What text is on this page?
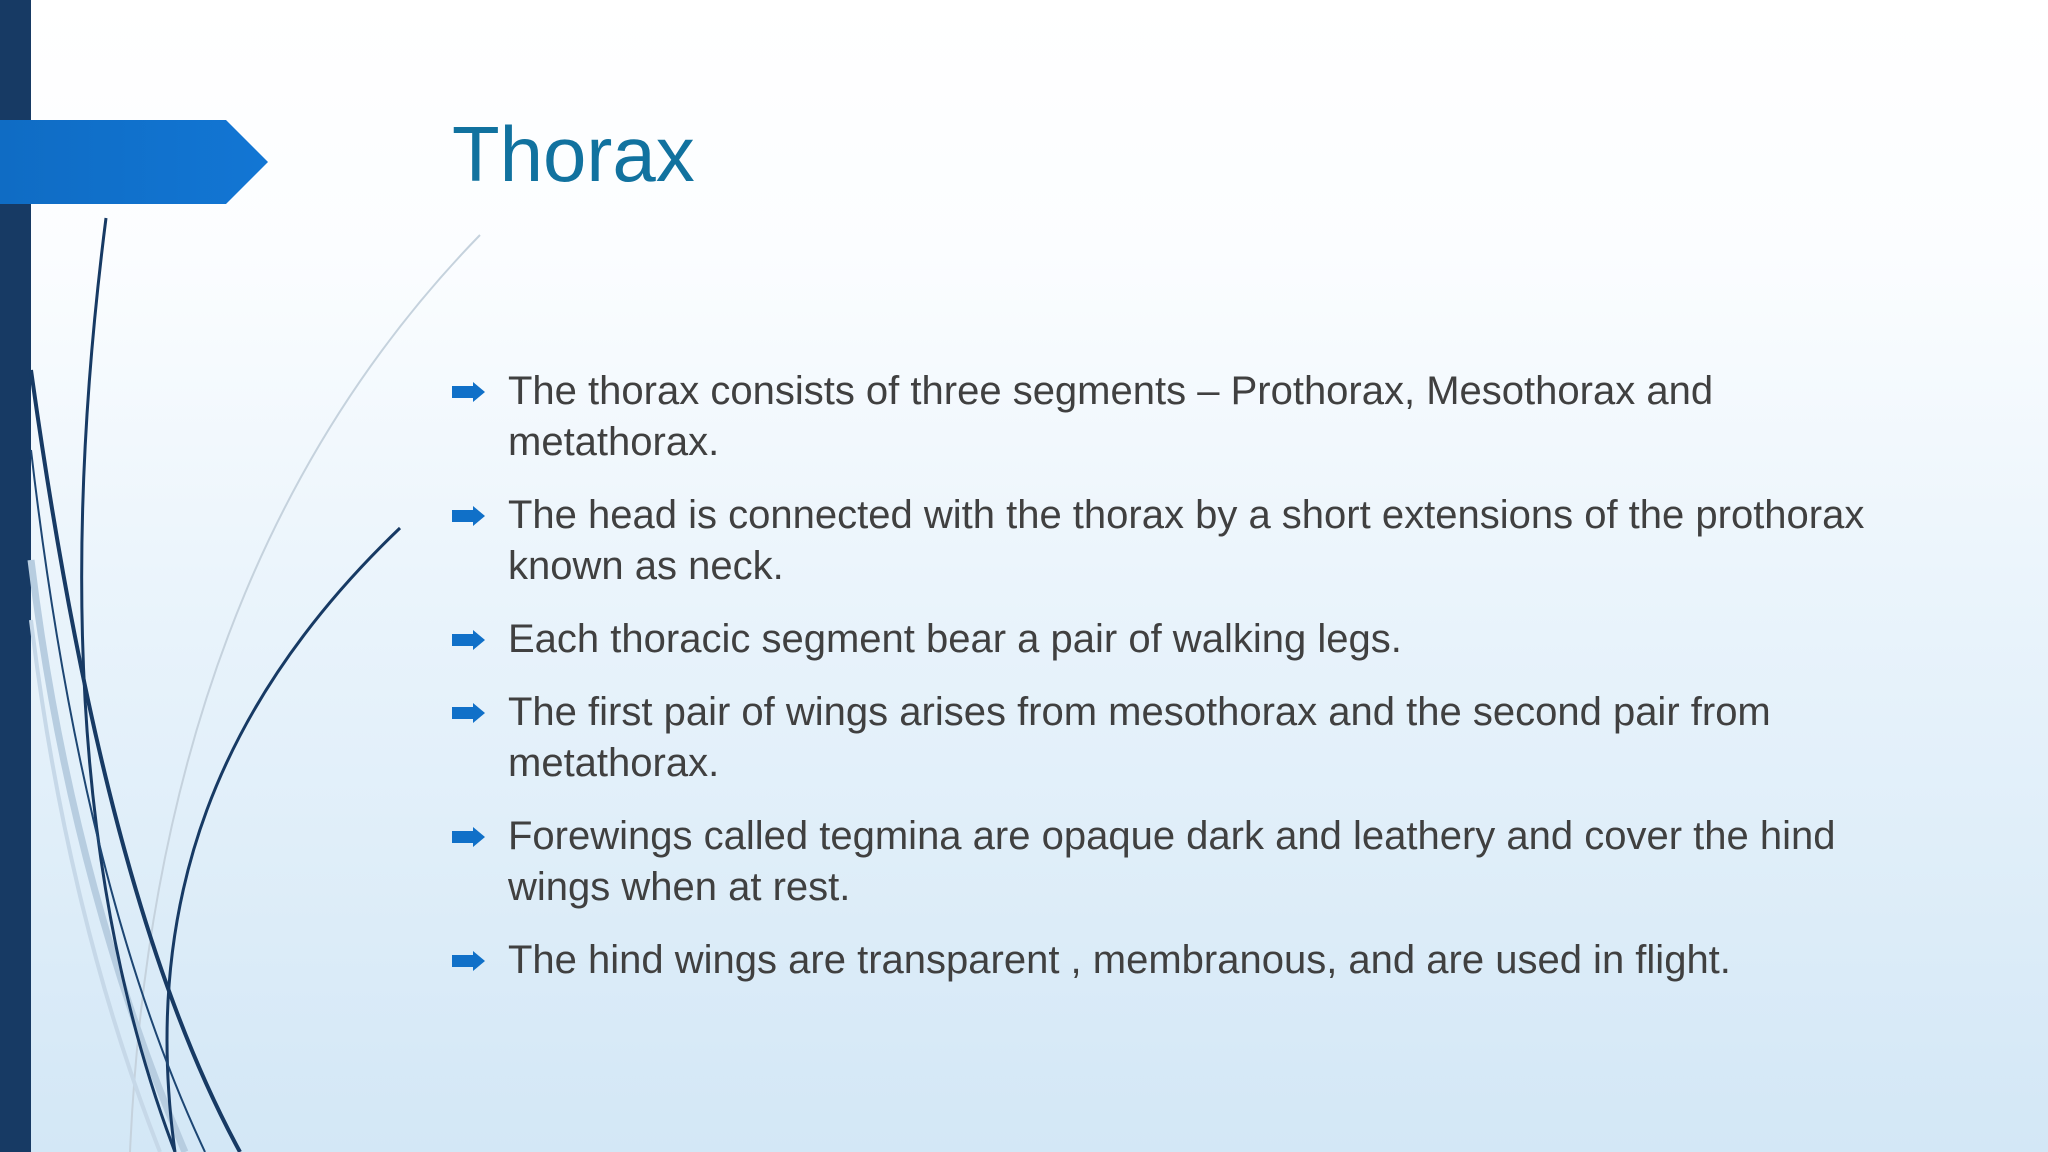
Thorax
The thorax consists of three segments – Prothorax, Mesothorax and metathorax.
The head is connected with the thorax by a short extensions of the prothorax known as neck.
Each thoracic segment bear a pair of walking legs.
The first pair of wings arises from mesothorax and the second pair from metathorax.
Forewings called tegmina are opaque dark and leathery and cover the hind wings when at rest.
The hind wings are transparent , membranous, and are used in flight.
